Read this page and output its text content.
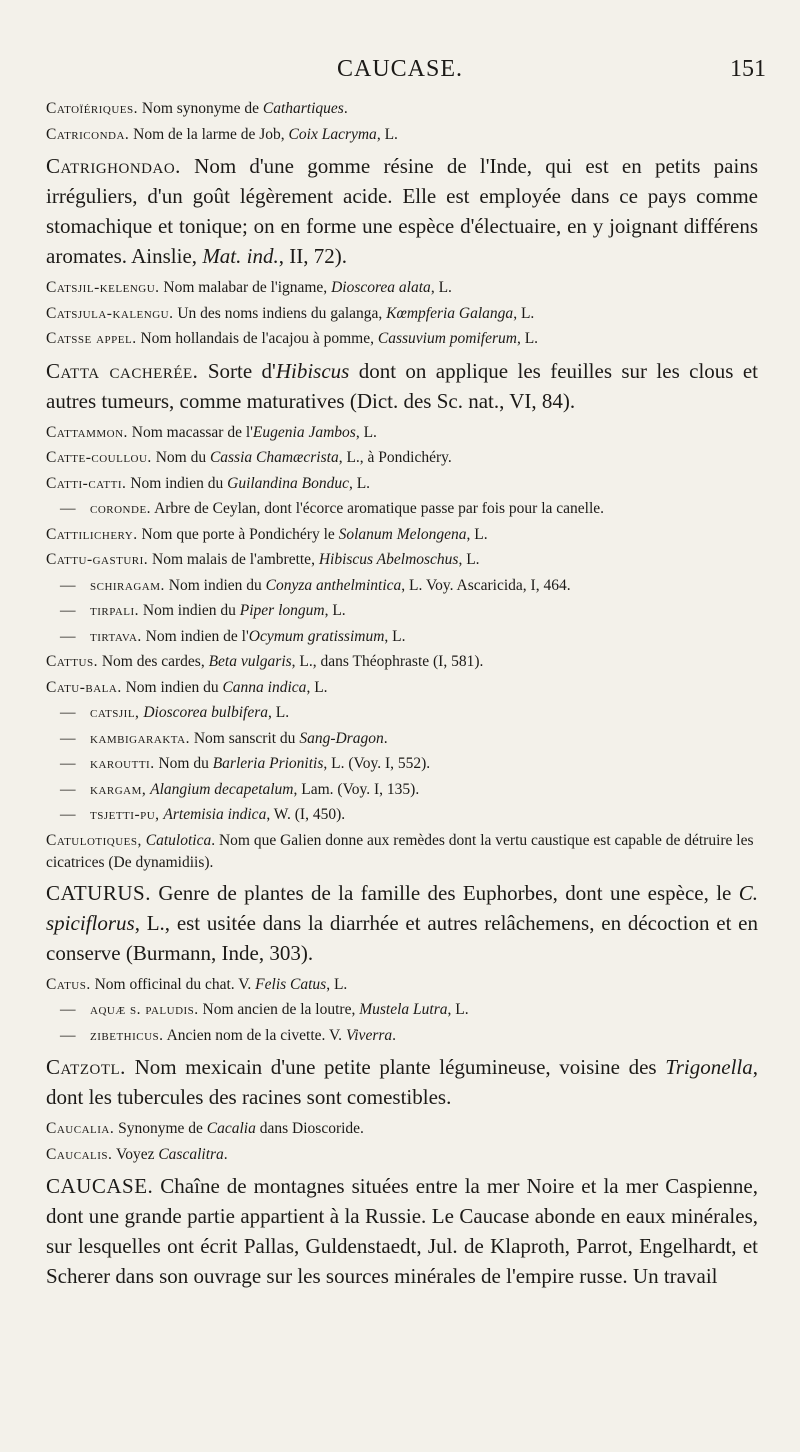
CAUCASE.	151

Catoïériques. Nom synonyme de Cathartiques.

Catriconda. Nom de la larme de Job, Coix Lacryma, L.

Catrighondao. Nom d'une gomme résine de l'Inde, qui est en petits pains irréguliers, d'un goût légèrement acide. Elle est employée dans ce pays comme stomachique et tonique; on en forme une espèce d'électuaire, en y joignant différens aromates. Ainslie, Mat. ind., II, 72).

Catsjil-kelengu. Nom malabar de l'igname, Dioscorea alata, L.

Catsjula-kalengu. Un des noms indiens du galanga, Kœmpferia Galanga, L.

Catsse appel. Nom hollandais de l'acajou à pomme, Cassuvium pomiferum, L.

Catta cacherée. Sorte d'Hibiscus dont on applique les feuilles sur les clous et autres tumeurs, comme maturatives (Dict. des Sc. nat., VI, 84).

Cattammon. Nom macassar de l'Eugenia Jambos, L.

Catte-coullou. Nom du Cassia Chamæcrista, L., à Pondichéry.

Catti-catti. Nom indien du Guilandina Bonduc, L.

— coronde. Arbre de Ceylan, dont l'écorce aromatique passe par fois pour la canelle.

Cattilichery. Nom que porte à Pondichéry le Solanum Melongena, L.

Cattu-gasturi. Nom malais de l'ambrette, Hibiscus Abelmoschus, L.

— schiragam. Nom indien du Conyza anthelmintica, L. Voy. Ascaricida, I, 464.

— tirpali. Nom indien du Piper longum, L.

— tirtava. Nom indien de l'Ocymum gratissimum, L.

Cattus. Nom des cardes, Beta vulgaris, L., dans Théophraste (I, 581).

Catu-bala. Nom indien du Canna indica, L.

— catsjil, Dioscorea bulbifera, L.

— kambigarakta. Nom sanscrit du Sang-Dragon.

— karoutti. Nom du Barleria Prionitis, L. (Voy. I, 552).

— kargam, Alangium decapetalum, Lam. (Voy. I, 135).

— tsjetti-pu, Artemisia indica, W. (I, 450).

Catulotiques, Catulotica. Nom que Galien donne aux remèdes dont la vertu caustique est capable de détruire les cicatrices (De dynamidiis).

CATURUS. Genre de plantes de la famille des Euphorbes, dont une espèce, le C. spiciflorus, L., est usitée dans la diarrhée et autres relâchemens, en décoction et en conserve (Burmann, Inde, 303).

Catus. Nom officinal du chat. V. Felis Catus, L.

— aquæ s. paludis. Nom ancien de la loutre, Mustela Lutra, L.

— zibethicus. Ancien nom de la civette. V. Viverra.

Catzotl. Nom mexicain d'une petite plante légumineuse, voisine des Trigonella, dont les tubercules des racines sont comestibles.

Caucalia. Synonyme de Cacalia dans Dioscoride.

Caucalis. Voyez Cascalitra.

CAUCASE. Chaîne de montagnes situées entre la mer Noire et la mer Caspienne, dont une grande partie appartient à la Russie. Le Caucase abonde en eaux minérales, sur lesquelles ont écrit Pallas, Guldenstaedt, Jul. de Klaproth, Parrot, Engelhardt, et Scherer dans son ouvrage sur les sources minérales de l'empire russe. Un travail
